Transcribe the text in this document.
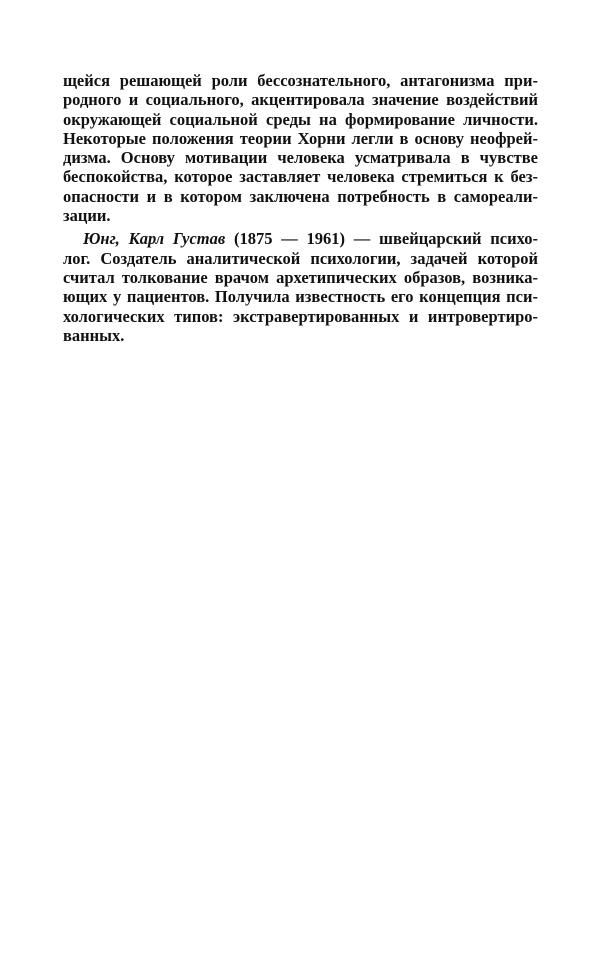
щейся решающей роли бессознательного, антагонизма при-
родного и социального, акцентировала значение воздействий
окружающей социальной среды на формирование личности.
Некоторые положения теории Хорни легли в основу неофрей-
дизма. Основу мотивации человека усматривала в чувстве
беспокойства, которое заставляет человека стремиться к без-
опасности и в котором заключена потребность в самореали-
зации.
Юнг, Карл Густав (1875 — 1961) — швейцарский психо-
лог. Создатель аналитической психологии, задачей которой
считал толкование врачом архетипических образов, возника-
ющих у пациентов. Получила известность его концепция пси-
хологических типов: экстравертированных и интровертиро-
ванных.
